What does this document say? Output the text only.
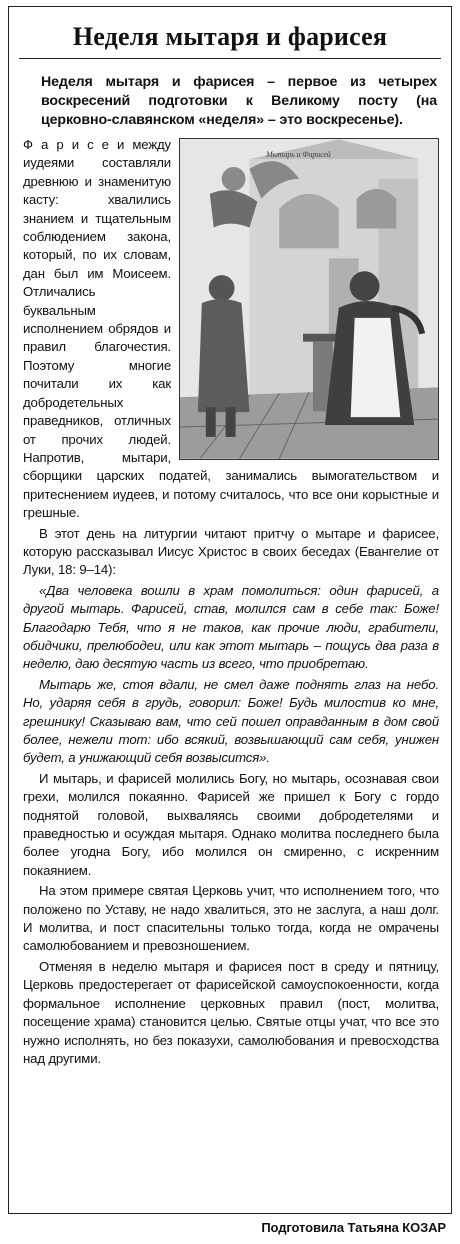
Неделя мытаря и фарисея

Неделя мытаря и фарисея – первое из четырех воскресений подготовки к Великому посту (на церковно-славянском «неделя» – это воскресенье).

Мытарь и Фарисей

Ф а р и с е и между иудеями составляли древнюю и знаменитую касту: хвалились знанием и тщательным соблюдением закона, который, по их словам, дан был им Моисеем. Отличались буквальным исполнением обрядов и правил благочестия. Поэтому многие почитали их как добродетельных праведников, отличных от прочих людей. Напротив, мытари, сборщики царских податей, занимались вымогательством и притеснением иудеев, и потому считалось, что все они корыстные и грешные.

В этот день на литургии читают притчу о мытаре и фарисее, которую рассказывал Иисус Христос в своих беседах (Евангелие от Луки, 18: 9–14):

«Два человека вошли в храм помолиться: один фарисей, а другой мытарь. Фарисей, став, молился сам в себе так: Боже! Благодарю Тебя, что я не таков, как прочие люди, грабители, обидчики, прелюбодеи, или как этот мытарь – пощусь два раза в неделю, даю десятую часть из всего, что приобретаю.

Мытарь же, стоя вдали, не смел даже поднять глаз на небо. Но, ударяя себя в грудь, говорил: Боже! Будь милостив ко мне, грешнику! Сказываю вам, что сей пошел оправданным в дом свой более, нежели тот: ибо всякий, возвышающий сам себя, унижен будет, а унижающий себя возвысится».

И мытарь, и фарисей молились Богу, но мытарь, осознавая свои грехи, молился покаянно. Фарисей же пришел к Богу с гордо поднятой головой, выхваляясь своими добродетелями и праведностью и осуждая мытаря. Однако молитва последнего была более угодна Богу, ибо молился он смиренно, с искренним покаянием.

На этом примере святая Церковь учит, что исполнением того, что положено по Уставу, не надо хвалиться, это не заслуга, а наш долг. И молитва, и пост спасительны только тогда, когда не омрачены самолюбованием и превозношением.

Отменяя в неделю мытаря и фарисея пост в среду и пятницу, Церковь предостерегает от фарисейской самоуспокоенности, когда формальное исполнение церковных правил (пост, молитва, посещение храма) становится целью. Святые отцы учат, что все это нужно исполнять, но без показухи, самолюбования и превосходства над другими.

Подготовила Татьяна КОЗАР
